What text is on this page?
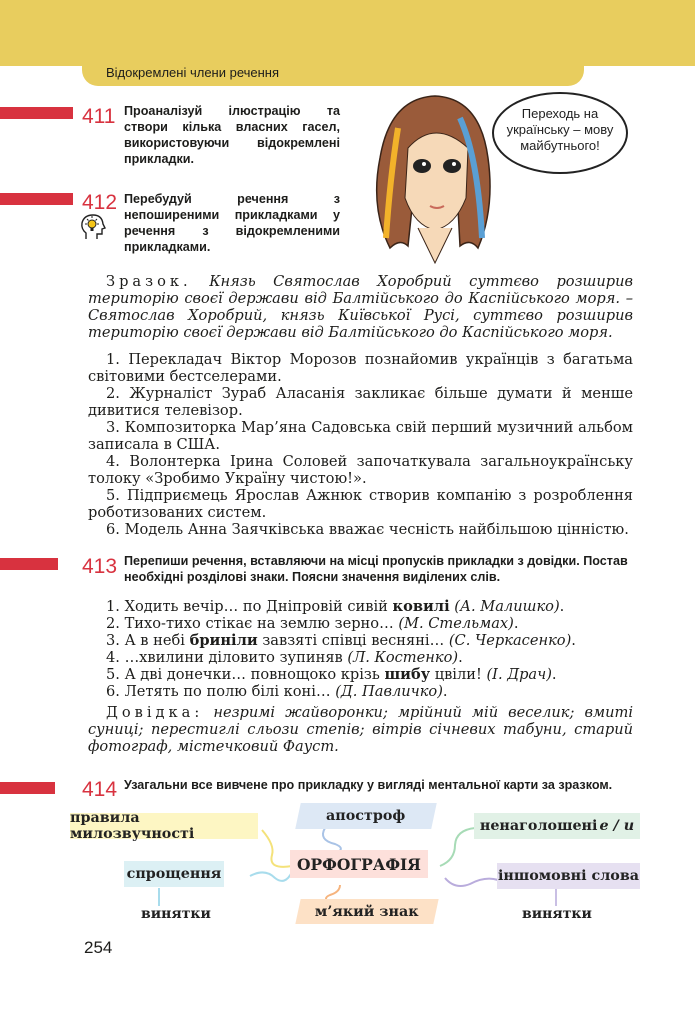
Відокремлені члени речення
411 Проаналізуй ілюстрацію та створи кілька власних гасел, використовуючи відокремлені прикладки.
Переходь на
українську – мову
майбутнього!
412 Перебудуй речення з непоширеними прикладками у речення з відокремленими прикладками.

Зразок. Князь Святослав Хоробрий суттєво розширив територію своєї держави від Балтійського до Каспійського моря. – Святослав Хоробрий, князь Київської Русі, суттєво розширив територію своєї держави від Балтійського до Каспійського моря.

1. Перекладач Віктор Морозов познайомив українців з багатьма світовими бестселерами.

2. Журналіст Зураб Аласанія закликає більше думати й менше дивитися телевізор.

3. Композиторка Мар’яна Садовська свій перший музичний альбом записала в США.

4. Волонтерка Ірина Соловей започаткувала загальноукраїнську толоку «Зробимо Україну чистою!».

5. Підприємець Ярослав Ажнюк створив компанію з розроблення роботизованих систем.

6. Модель Анна Заячківська вважає чесність найбільшою цінністю.

413 Перепиши речення, вставляючи на місці пропусків прикладки з довідки. Постав необхідні розділові знаки. Поясни значення виділених слів.
1. Ходить вечір… по Дніпровій сивій ковилі (А. Малишко).
2. Тихо-тихо стікає на землю зерно… (М. Стельмах).
3. А в небі бриніли завзяті співці весняні… (С. Черкасенко).
4. …хвилини діловито зупиняв (Л. Костенко).
5. А дві донечки… повнощоко крізь шибу цвіли! (І. Драч).
6. Летять по полю білі коні… (Д. Павличко).

Довідка: незримі жайворонки; мрійний мій веселик; вмиті суниці; перестиглі сльози степів; вітрів січневих табуни, старий фотограф, містечковий Фауст.

414 Узагальни все вивчене про прикладку у вигляді ментальної карти за зразком.
правила милозвучності
апостроф
ненаголошені е / и
ОРФОГРАФІЯ
спрощення	іншомовні слова
м’який знак
винятки	винятки
254
